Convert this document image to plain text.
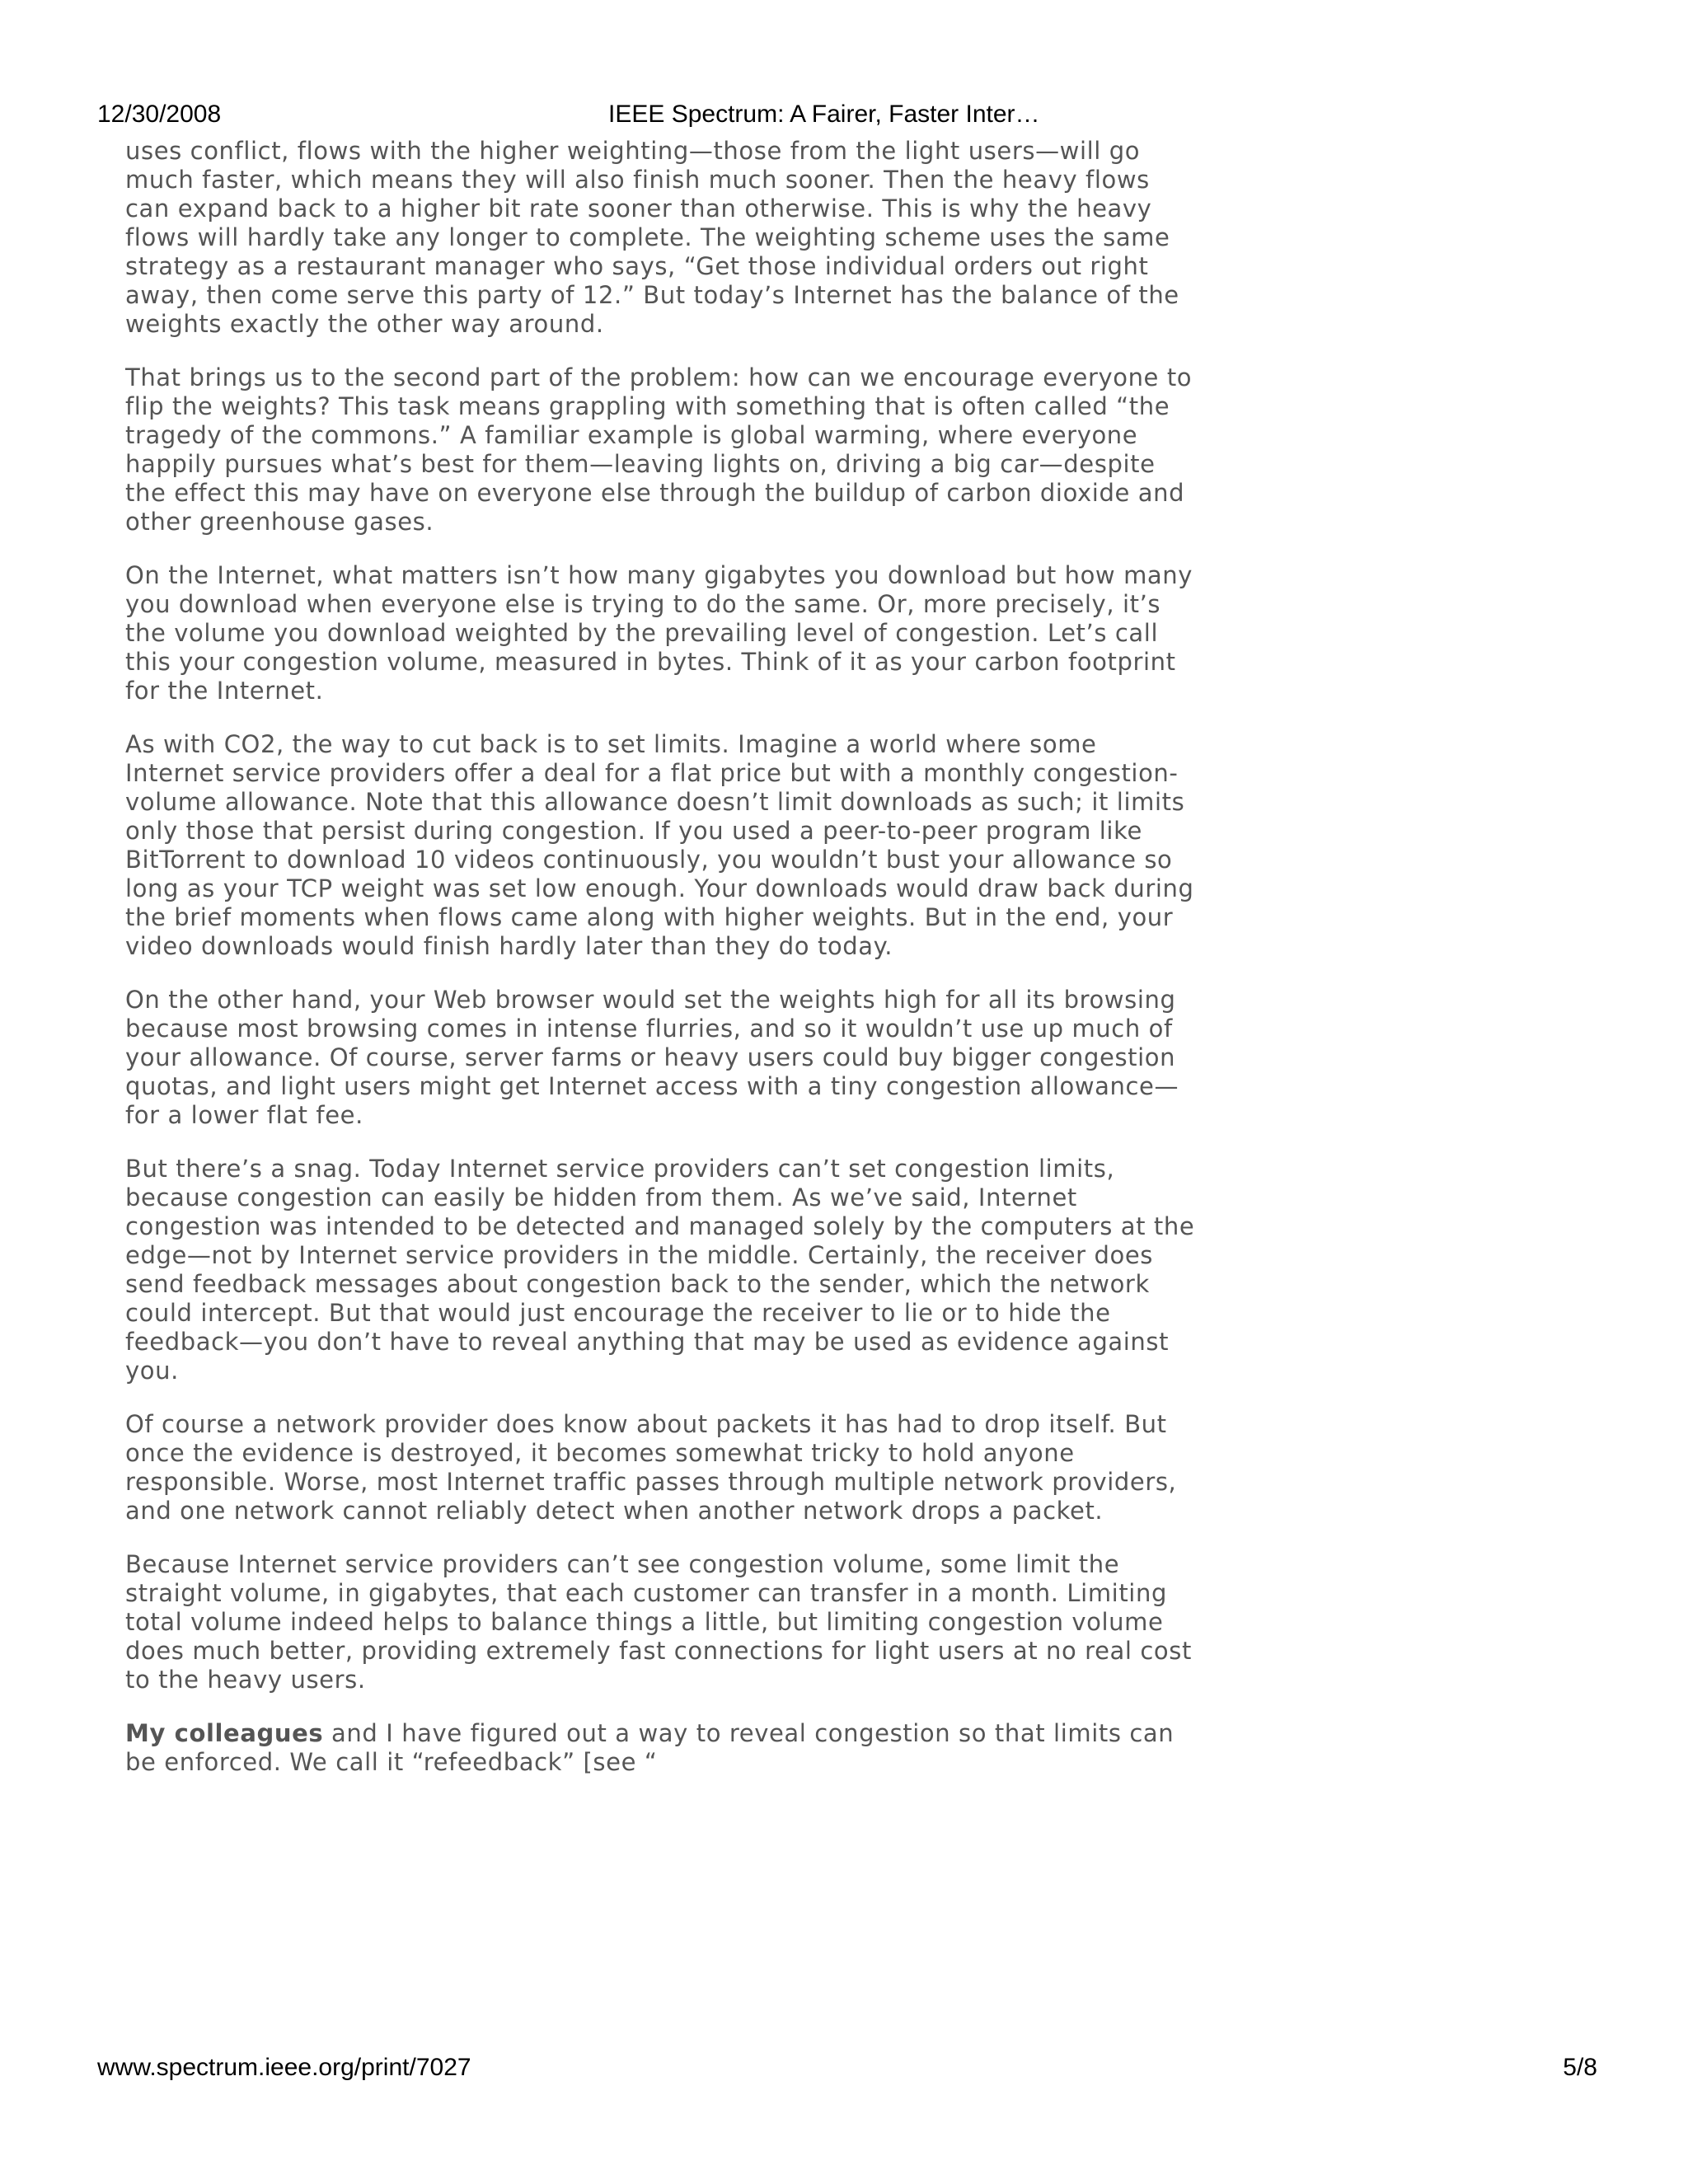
12/30/2008	IEEE Spectrum: A Fairer, Faster Inter…

uses conflict, flows with the higher weighting—those from the light users—will go much faster, which means they will also finish much sooner. Then the heavy flows can expand back to a higher bit rate sooner than otherwise. This is why the heavy flows will hardly take any longer to complete. The weighting scheme uses the same strategy as a restaurant manager who says, “Get those individual orders out right away, then come serve this party of 12.” But today’s Internet has the balance of the weights exactly the other way around.

That brings us to the second part of the problem: how can we encourage everyone to flip the weights? This task means grappling with something that is often called “the tragedy of the commons.” A familiar example is global warming, where everyone happily pursues what’s best for them—leaving lights on, driving a big car—despite the effect this may have on everyone else through the buildup of carbon dioxide and other greenhouse gases.

On the Internet, what matters isn’t how many gigabytes you download but how many you download when everyone else is trying to do the same. Or, more precisely, it’s the volume you download weighted by the prevailing level of congestion. Let’s call this your congestion volume, measured in bytes. Think of it as your carbon footprint for the Internet.

As with CO2, the way to cut back is to set limits. Imagine a world where some Internet service providers offer a deal for a flat price but with a monthly congestion-volume allowance. Note that this allowance doesn’t limit downloads as such; it limits only those that persist during congestion. If you used a peer-to-peer program like BitTorrent to download 10 videos continuously, you wouldn’t bust your allowance so long as your TCP weight was set low enough. Your downloads would draw back during the brief moments when flows came along with higher weights. But in the end, your video downloads would finish hardly later than they do today.

On the other hand, your Web browser would set the weights high for all its browsing because most browsing comes in intense flurries, and so it wouldn’t use up much of your allowance. Of course, server farms or heavy users could buy bigger congestion quotas, and light users might get Internet access with a tiny congestion allowance—for a lower flat fee.

But there’s a snag. Today Internet service providers can’t set congestion limits, because congestion can easily be hidden from them. As we’ve said, Internet congestion was intended to be detected and managed solely by the computers at the edge—not by Internet service providers in the middle. Certainly, the receiver does send feedback messages about congestion back to the sender, which the network could intercept. But that would just encourage the receiver to lie or to hide the feedback—you don’t have to reveal anything that may be used as evidence against you.

Of course a network provider does know about packets it has had to drop itself. But once the evidence is destroyed, it becomes somewhat tricky to hold anyone responsible. Worse, most Internet traffic passes through multiple network providers, and one network cannot reliably detect when another network drops a packet.

Because Internet service providers can’t see congestion volume, some limit the straight volume, in gigabytes, that each customer can transfer in a month. Limiting total volume indeed helps to balance things a little, but limiting congestion volume does much better, providing extremely fast connections for light users at no real cost to the heavy users.

My colleagues and I have figured out a way to reveal congestion so that limits can be enforced. We call it “refeedback” [see “

www.spectrum.ieee.org/print/7027	5/8
